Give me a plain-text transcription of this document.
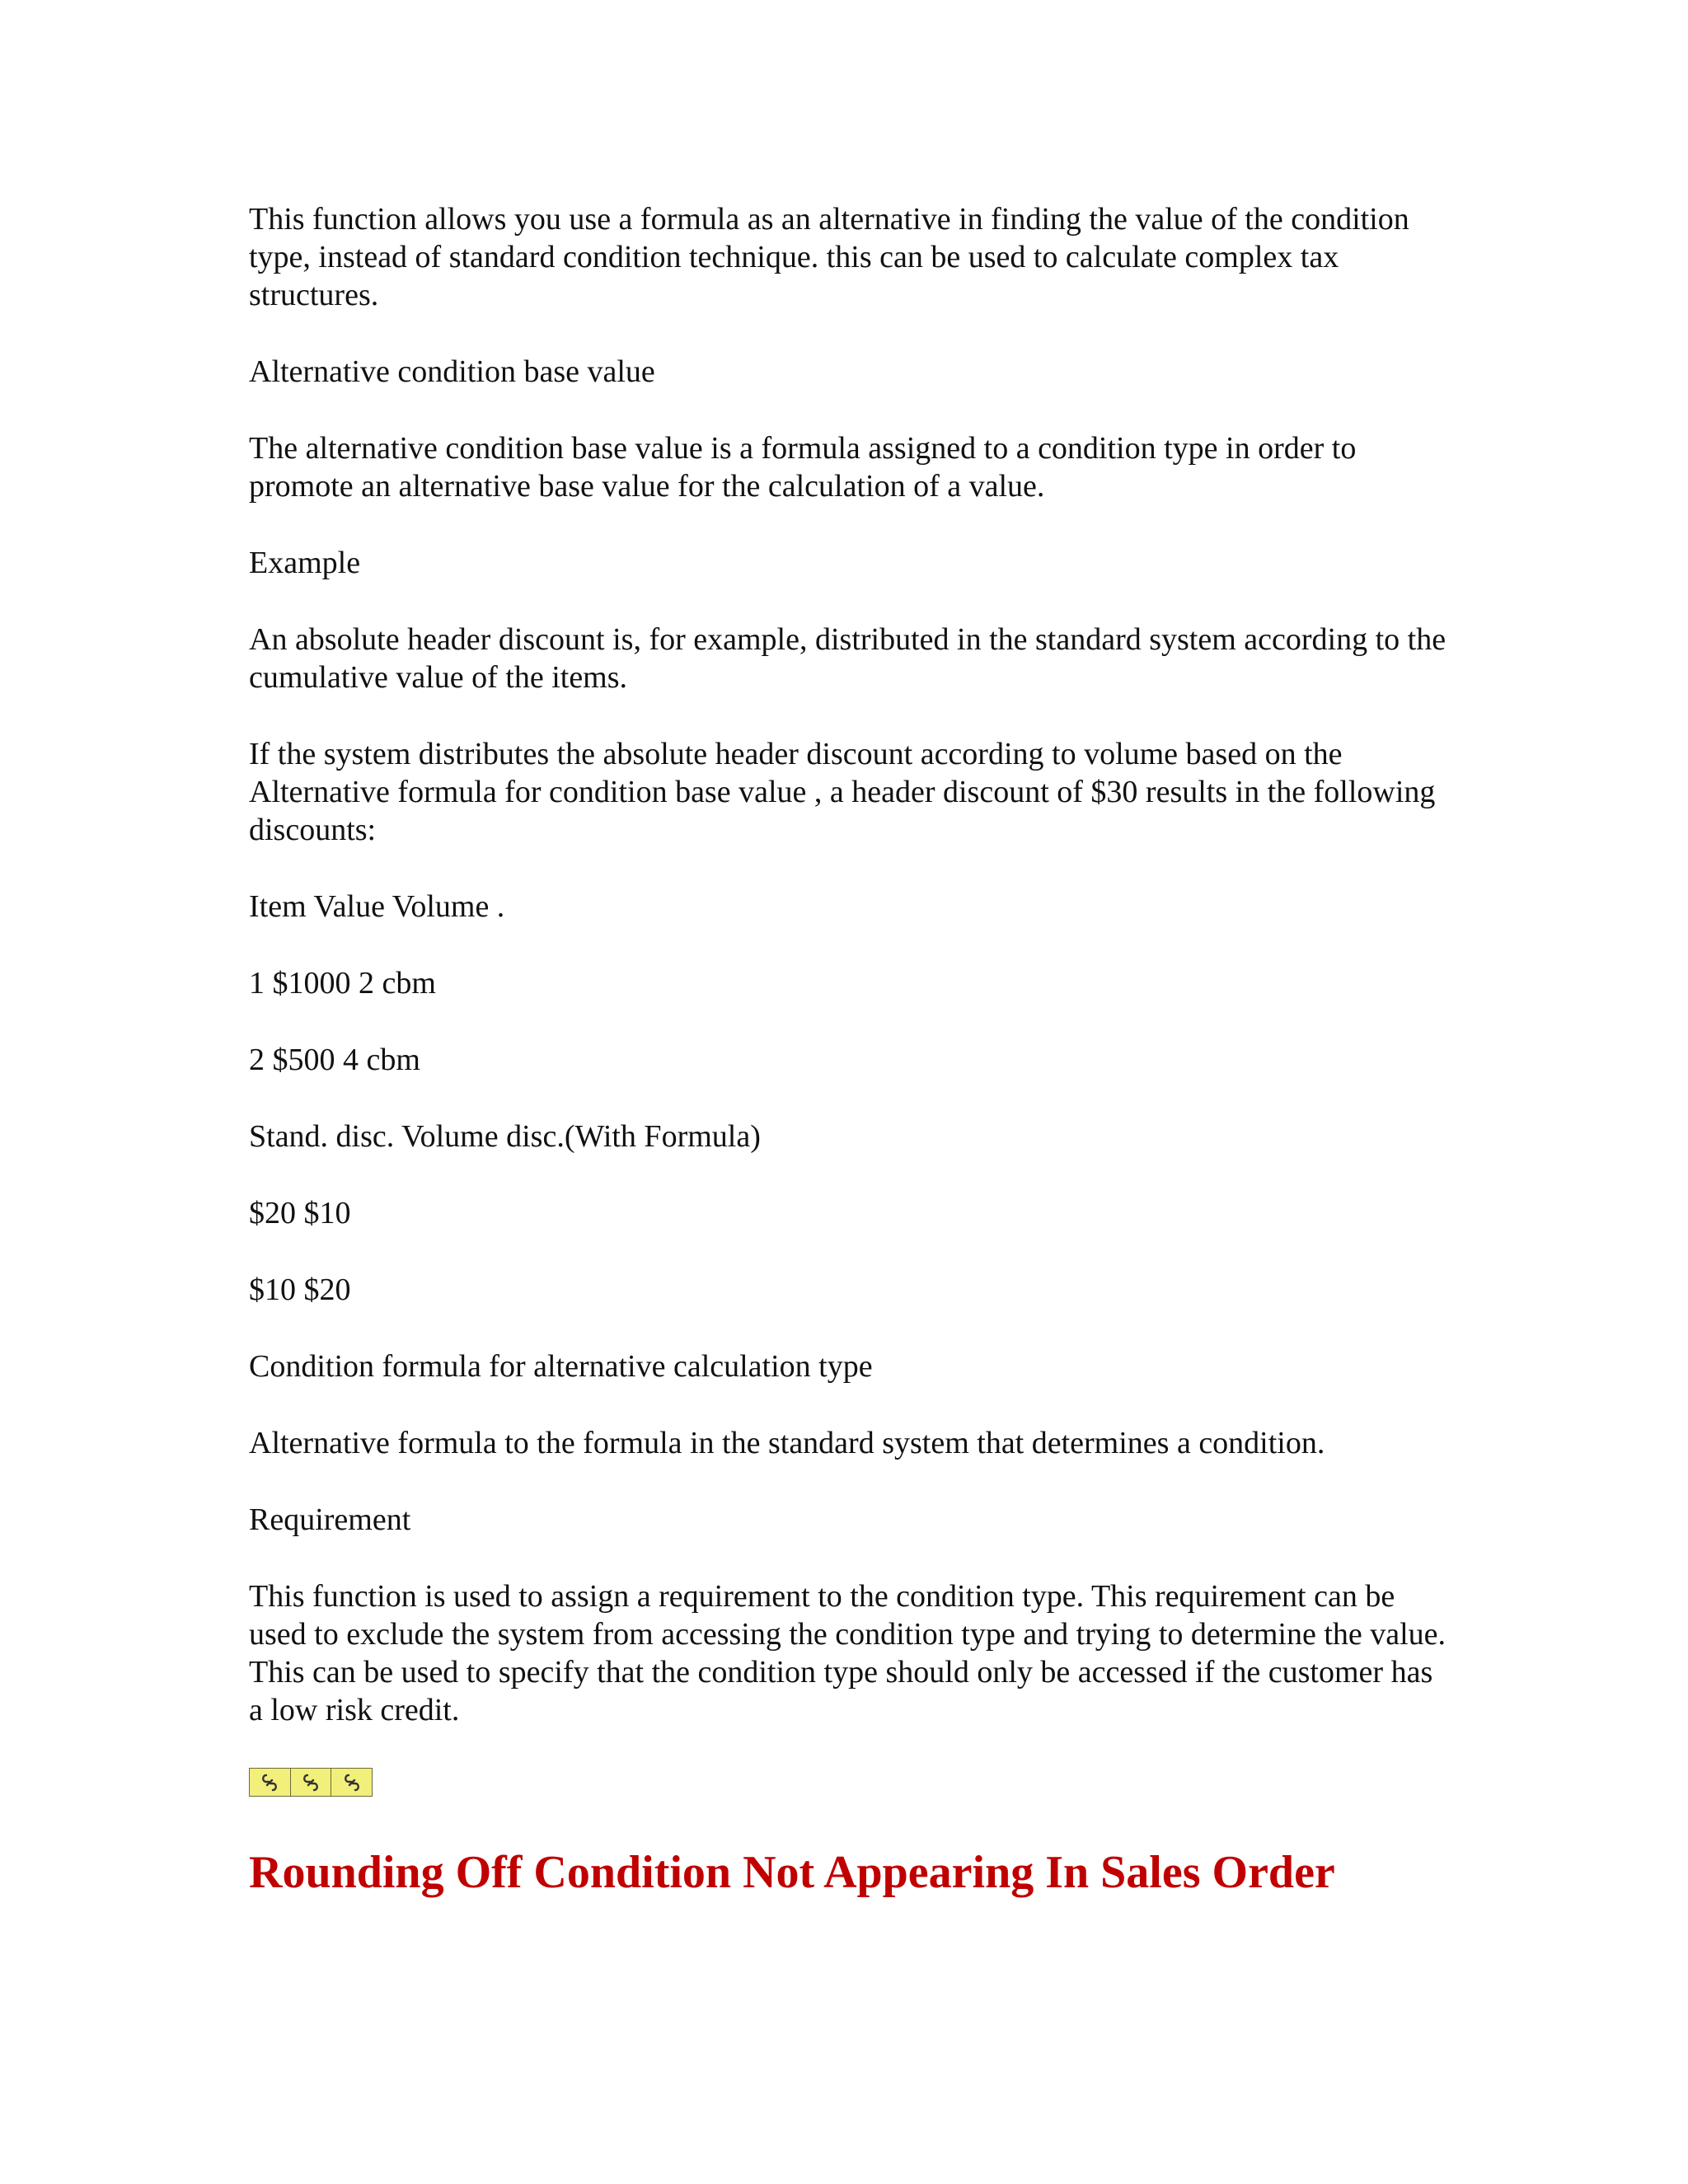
This function allows you use a formula as an alternative in finding the value of the condition type, instead of standard condition technique. this can be used to calculate complex tax structures.

Alternative condition base value

The alternative condition base value is a formula assigned to a condition type in order to promote an alternative base value for the calculation of a value.

Example

An absolute header discount is, for example, distributed in the standard system according to the cumulative value of the items.

If the system distributes the absolute header discount according to volume based on the Alternative formula for condition base value , a header discount of $30 results in the following discounts:

Item Value Volume .

1 $1000 2 cbm

2 $500 4 cbm

Stand. disc. Volume disc.(With Formula)

$20 $10

$10 $20

Condition formula for alternative calculation type

Alternative formula to the formula in the standard system that determines a condition.

Requirement

This function is used to assign a requirement to the condition type. This requirement can be used to exclude the system from accessing the condition type and trying to determine the value. This can be used to specify that the condition type should only be accessed if the customer has a low risk credit.

Rounding Off Condition Not Appearing In Sales Order
